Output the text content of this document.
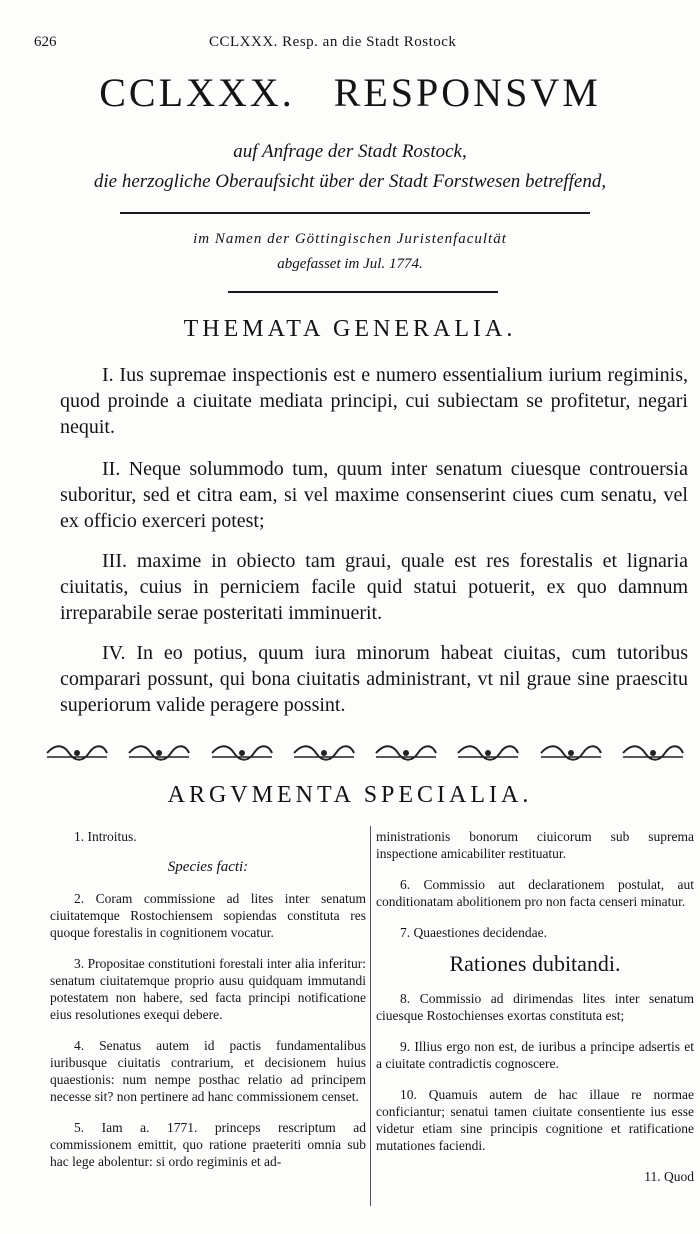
626	CCLXXX. Resp. an die Stadt Rostock
CCLXXX.   RESPONSVM
auf Anfrage der Stadt Rostock,
die herzogliche Oberaufsicht über der Stadt Forstwesen betreffend,
im Namen der Göttingischen Juristenfacultät
abgefasset im Jul. 1774.
THEMATA GENERALIA.
I. Ius supremae inspectionis est e numero essentialium iurium regiminis, quod proinde a ciuitate mediata principi, cui subiectam se profitetur, negari nequit.
II. Neque solummodo tum, quum inter senatum ciuesque controuersia suboritur, sed et citra eam, si vel maxime consenserint ciues cum senatu, vel ex officio exerceri potest;
III. maxime in obiecto tam graui, quale est res forestalis et lignaria ciuitatis, cuius in perniciem facile quid statui potuerit, ex quo damnum irreparabile serae posteritati imminuerit.
IV. In eo potius, quum iura minorum habeat ciuitas, cum tutoribus comparari possunt, qui bona ciuitatis administrant, vt nil graue sine praescitu superiorum valide peragere possint.
ARGVMENTA SPECIALIA.

1. Introitus.

Species facti:

2. Coram commissione ad lites inter senatum ciuitatemque Rostochiensem sopiendas constituta res quoque forestalis in cognitionem vocatur.

3. Propositae constitutioni forestali inter alia inferitur: senatum ciuitatemque proprio ausu quidquam immutandi potestatem non habere, sed facta principi notificatione eius resolutiones exequi debere.

4. Senatus autem id pactis fundamentalibus iuribusque ciuitatis contrarium, et decisionem huius quaestionis: num nempe posthac relatio ad principem necesse sit? non pertinere ad hanc commissionem censet.

5. Iam a. 1771. princeps rescriptum ad commissionem emittit, quo ratione praeteriti omnia sub hac lege abolentur: si ordo regiminis et ad-

ministrationis bonorum ciuicorum sub suprema inspectione amicabiliter restituatur.

6. Commissio aut declarationem postulat, aut conditionatam abolitionem pro non facta censeri minatur.

7. Quaestiones decidendae.

Rationes dubitandi.

8. Commissio ad dirimendas lites inter senatum ciuesque Rostochienses exortas constituta est;

9. Illius ergo non est, de iuribus a principe adsertis et a ciuitate contradictis cognoscere.

10. Quamuis autem de hac illaue re normae conficiantur; senatui tamen ciuitate consentiente ius esse videtur etiam sine principis cognitione et ratificatione mutationes faciendi.

11. Quod
